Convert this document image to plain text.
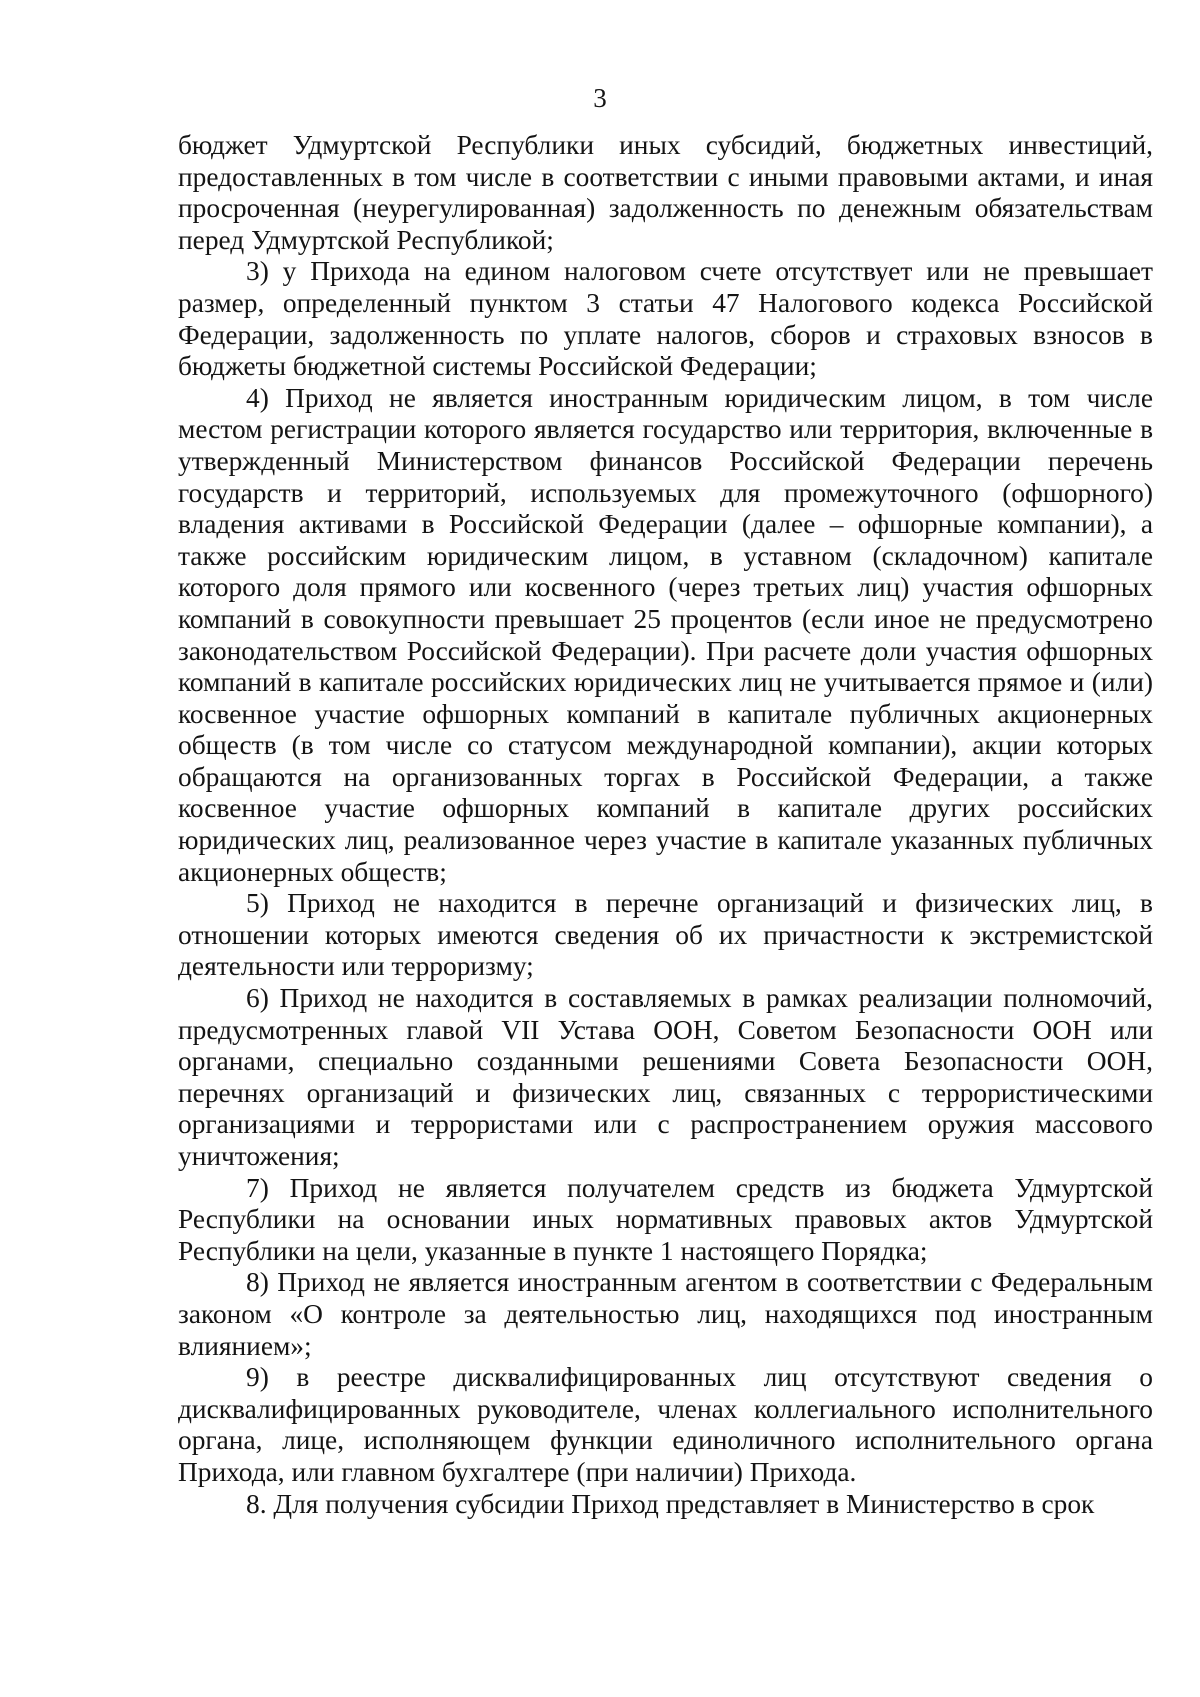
3

бюджет Удмуртской Республики иных субсидий, бюджетных инвестиций, предоставленных в том числе в соответствии с иными правовыми актами, и иная просроченная (неурегулированная) задолженность по денежным обязательствам перед Удмуртской Республикой;

3) у Прихода на едином налоговом счете отсутствует или не превышает размер, определенный пунктом 3 статьи 47 Налогового кодекса Российской Федерации, задолженность по уплате налогов, сборов и страховых взносов в бюджеты бюджетной системы Российской Федерации;

4) Приход не является иностранным юридическим лицом, в том числе местом регистрации которого является государство или территория, включенные в утвержденный Министерством финансов Российской Федерации перечень государств и территорий, используемых для промежуточного (офшорного) владения активами в Российской Федерации (далее – офшорные компании), а также российским юридическим лицом, в уставном (складочном) капитале которого доля прямого или косвенного (через третьих лиц) участия офшорных компаний в совокупности превышает 25 процентов (если иное не предусмотрено законодательством Российской Федерации). При расчете доли участия офшорных компаний в капитале российских юридических лиц не учитывается прямое и (или) косвенное участие офшорных компаний в капитале публичных акционерных обществ (в том числе со статусом международной компании), акции которых обращаются на организованных торгах в Российской Федерации, а также косвенное участие офшорных компаний в капитале других российских юридических лиц, реализованное через участие в капитале указанных публичных акционерных обществ;

5) Приход не находится в перечне организаций и физических лиц, в отношении которых имеются сведения об их причастности к экстремистской деятельности или терроризму;

6) Приход не находится в составляемых в рамках реализации полномочий, предусмотренных главой VII Устава ООН, Советом Безопасности ООН или органами, специально созданными решениями Совета Безопасности ООН, перечнях организаций и физических лиц, связанных с террористическими организациями и террористами или с распространением оружия массового уничтожения;

7) Приход не является получателем средств из бюджета Удмуртской Республики на основании иных нормативных правовых актов Удмуртской Республики на цели, указанные в пункте 1 настоящего Порядка;

8) Приход не является иностранным агентом в соответствии с Федеральным законом «О контроле за деятельностью лиц, находящихся под иностранным влиянием»;

9) в реестре дисквалифицированных лиц отсутствуют сведения о дисквалифицированных руководителе, членах коллегиального исполнительного органа, лице, исполняющем функции единоличного исполнительного органа Прихода, или главном бухгалтере (при наличии) Прихода.

8. Для получения субсидии Приход представляет в Министерство в срок
